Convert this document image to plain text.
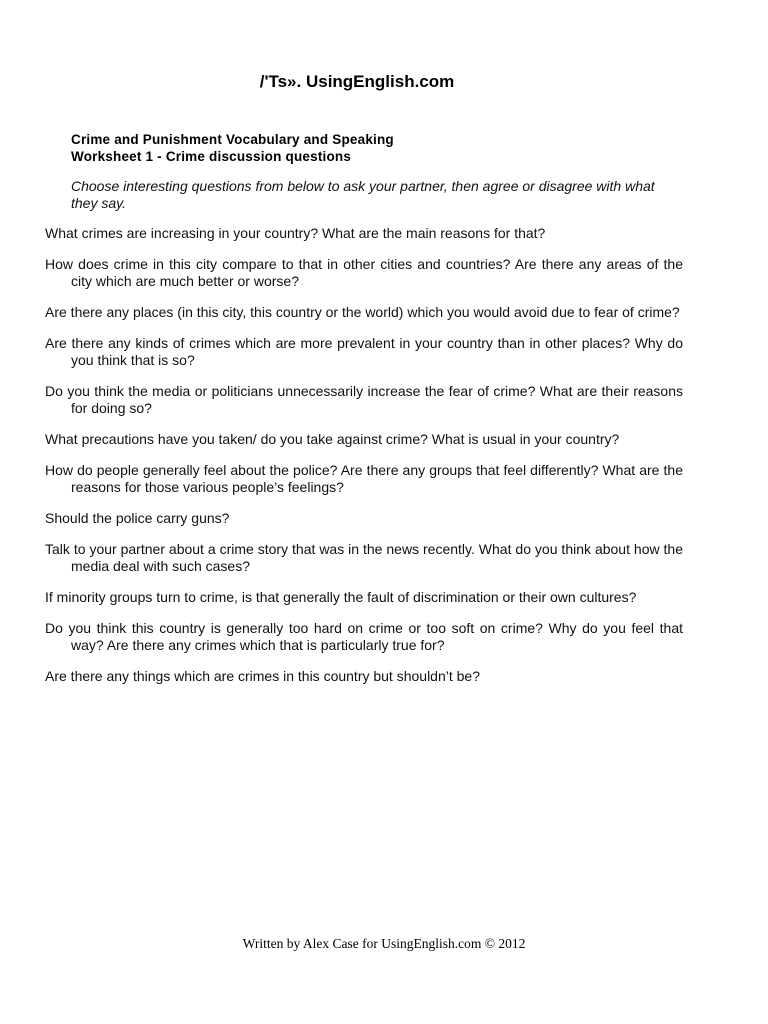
/'Ts». UsingEnglish.com
Crime and Punishment Vocabulary and Speaking
Worksheet 1 - Crime discussion questions
Choose interesting questions from below to ask your partner, then agree or disagree with what they say.
What crimes are increasing in your country? What are the main reasons for that?
How does crime in this city compare to that in other cities and countries? Are there any areas of the city which are much better or worse?
Are there any places (in this city, this country or the world) which you would avoid due to fear of crime?
Are there any kinds of crimes which are more prevalent in your country than in other places? Why do you think that is so?
Do you think the media or politicians unnecessarily increase the fear of crime? What are their reasons for doing so?
What precautions have you taken/ do you take against crime? What is usual in your country?
How do people generally feel about the police? Are there any groups that feel differently? What are the reasons for those various people’s feelings?
Should the police carry guns?
Talk to your partner about a crime story that was in the news recently. What do you think about how the media deal with such cases?
If minority groups turn to crime, is that generally the fault of discrimination or their own cultures?
Do you think this country is generally too hard on crime or too soft on crime? Why do you feel that way? Are there any crimes which that is particularly true for?
Are there any things which are crimes in this country but shouldn’t be?
Written by Alex Case for UsingEnglish.com © 2012
